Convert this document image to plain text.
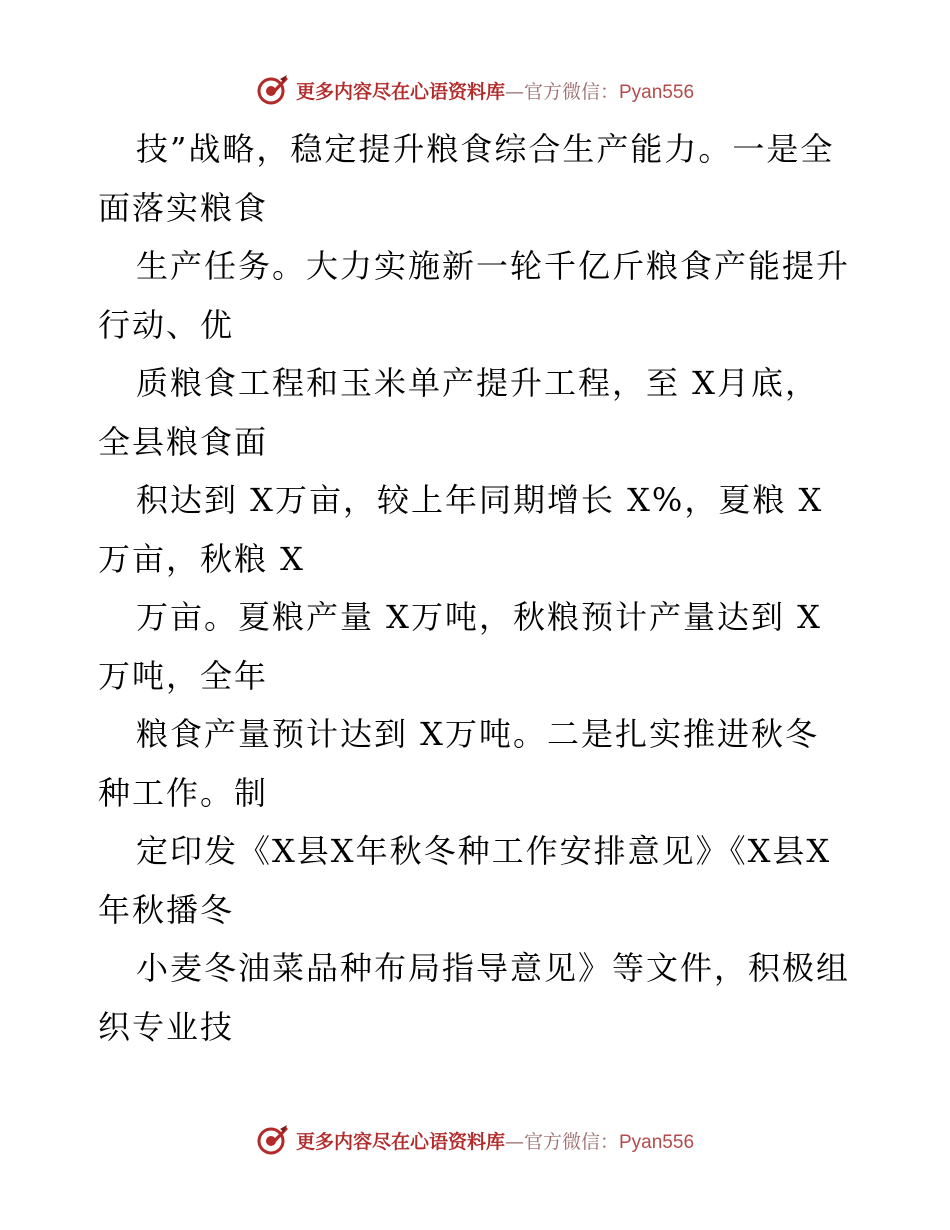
更多内容尽在心语资料库—官方微信：Pyan556
技”战略，稳定提升粮食综合生产能力。一是全
面落实粮食
生产任务。大力实施新一轮千亿斤粮食产能提升
行动、优
质粮食工程和玉米单产提升工程，至 X月底，
全县粮食面
积达到 X万亩，较上年同期增长 X%，夏粮 X
万亩，秋粮 X
万亩。夏粮产量 X万吨，秋粮预计产量达到 X
万吨，全年
粮食产量预计达到 X万吨。二是扎实推进秋冬
种工作。制
定印发《X县X年秋冬种工作安排意见》《X县X
年秋播冬
小麦冬油菜品种布局指导意见》等文件，积极组
织专业技
更多内容尽在心语资料库—官方微信：Pyan556
